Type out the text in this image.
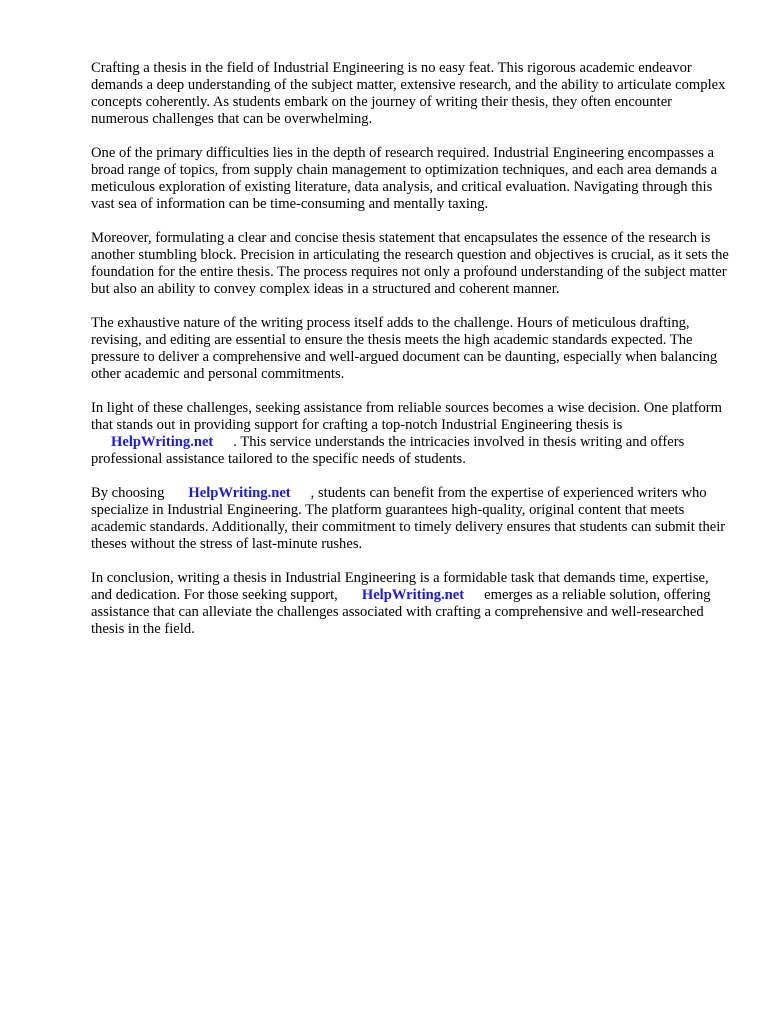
Crafting a thesis in the field of Industrial Engineering is no easy feat. This rigorous academic endeavor demands a deep understanding of the subject matter, extensive research, and the ability to articulate complex concepts coherently. As students embark on the journey of writing their thesis, they often encounter numerous challenges that can be overwhelming.

One of the primary difficulties lies in the depth of research required. Industrial Engineering encompasses a broad range of topics, from supply chain management to optimization techniques, and each area demands a meticulous exploration of existing literature, data analysis, and critical evaluation. Navigating through this vast sea of information can be time-consuming and mentally taxing.

Moreover, formulating a clear and concise thesis statement that encapsulates the essence of the research is another stumbling block. Precision in articulating the research question and objectives is crucial, as it sets the foundation for the entire thesis. The process requires not only a profound understanding of the subject matter but also an ability to convey complex ideas in a structured and coherent manner.

The exhaustive nature of the writing process itself adds to the challenge. Hours of meticulous drafting, revising, and editing are essential to ensure the thesis meets the high academic standards expected. The pressure to deliver a comprehensive and well-argued document can be daunting, especially when balancing other academic and personal commitments.

In light of these challenges, seeking assistance from reliable sources becomes a wise decision. One platform that stands out in providing support for crafting a top-notch Industrial Engineering thesis is
HelpWriting.net . This service understands the intricacies involved in thesis writing and offers professional assistance tailored to the specific needs of students.

By choosing HelpWriting.net , students can benefit from the expertise of experienced writers who specialize in Industrial Engineering. The platform guarantees high-quality, original content that meets academic standards. Additionally, their commitment to timely delivery ensures that students can submit their theses without the stress of last-minute rushes.

In conclusion, writing a thesis in Industrial Engineering is a formidable task that demands time, expertise, and dedication. For those seeking support, HelpWriting.net emerges as a reliable solution, offering assistance that can alleviate the challenges associated with crafting a comprehensive and well-researched thesis in the field.
